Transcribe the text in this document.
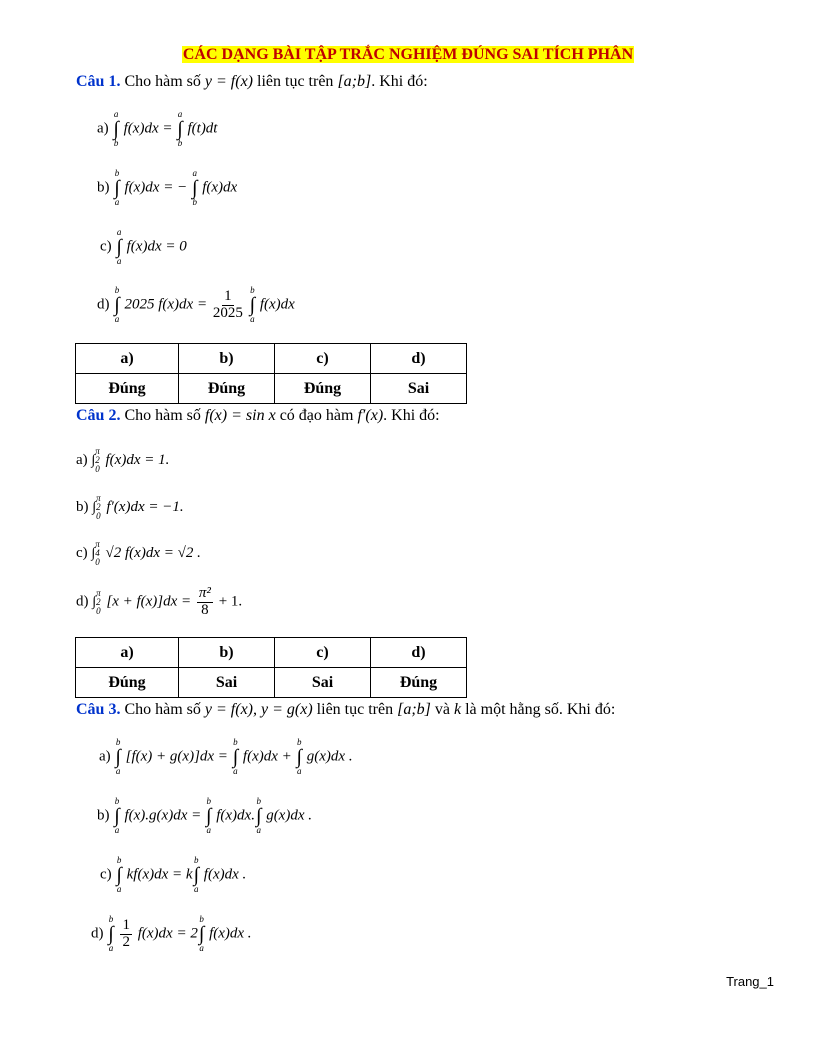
CÁC DẠNG BÀI TẬP TRẮC NGHIỆM ĐÚNG SAI TÍCH PHÂN
Câu 1. Cho hàm số y = f(x) liên tục trên [a;b]. Khi đó:
a)
a
∫
b
f(x)dx =
a
∫
b
f(t)dt
b)
b
∫
a
f(x)dx = −
a
∫
b
f(x)dx
c)
a
∫
a
f(x)dx = 0
d)
b
∫
a
2025 $f(x)dx = \frac{1}{2025}$
b
∫
a
f(x)dx
a)	b)	c)	d)
Đúng	Đúng	Đúng	Sai
Câu 2. Cho hàm số f(x) = sin x có đạo hàm f′(x). Khi đó:
a) ∫
π
2
0
f(x)dx = 1.
b) ∫
π
2
0
f′(x)dx = −1.
c) ∫
π
4
0
√2 f(x)dx = √2 .
d) ∫
π
2
0
$[x + f(x)]dx = \frac{\text{π²}}{8} + 1$.
a)	b)	c)	d)
Đúng	Sai	Sai	Đúng
Câu 3. Cho hàm số y = f(x), y = g(x) liên tục trên [a;b] và k là một hằng số. Khi đó:
a)
b
∫
a
[f(x) + g(x)]dx =
b
∫
a
f(x)dx +
b
∫
a
g(x)dx .
b)
b
∫
a
f(x).g(x)dx =
b
∫
a
f(x)dx.
b
∫
a
g(x)dx .
c)
b
∫
a
kf(x)dx = k
b
∫
a
f(x)dx .
d)
b
∫
a
$\frac{1}{2} f(x)dx = 2$
b
∫
a
f(x)dx .
Trang_1
